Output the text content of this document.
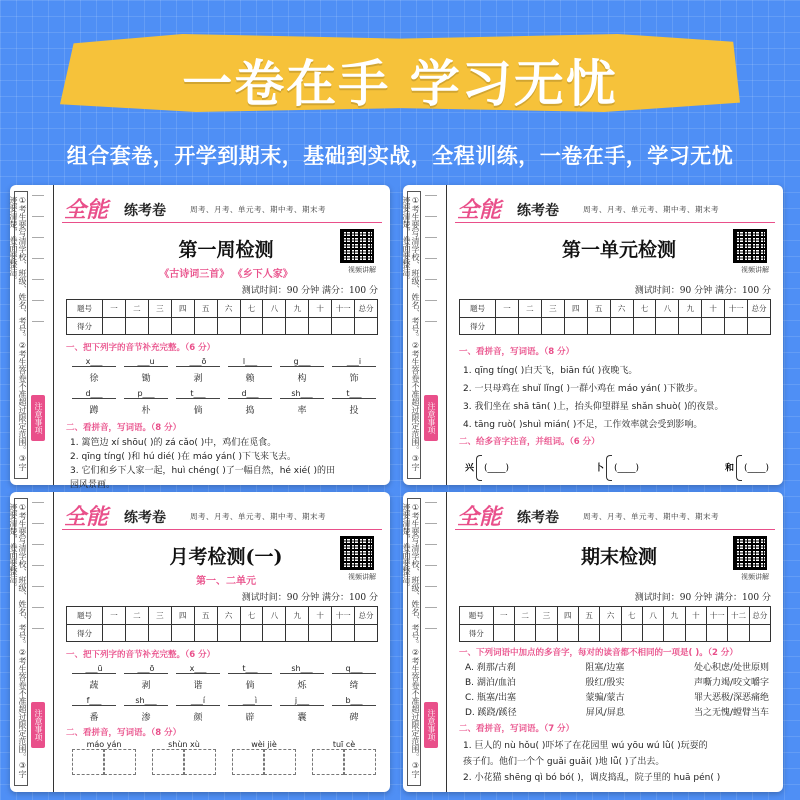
一卷在手 学习无忧
组合套卷，开学到期末，基础到实战，全程训练，一卷在手，学习无忧
①考生要写清学校、班级、姓名、考号。②考生答卷不准超过限定范围。③字迹要清楚，卷面要整洁。
注意事项
全能 练考卷	周考、月考、单元考、期中考、期末考
视频讲解
第一周检测
《古诗词三首》 《乡下人家》
测试时间：90 分钟 满分：100 分
题号	一	二	三	四	五	六	七	八	九	十	十一	总分
得分
一、把下列字的音节补充完整。（6 分）
x___	___u	___ō	l___	g___	___i
徐	锄	剥	赖	构	饰
d___	p___	t___	d___	sh___	t___
蹲	朴	倘	捣	率	投
二、看拼音，写词语。（8 分）
1. 篱笆边 xí shōu( )的 zá cǎo( )中，鸡们在觅食。
2. qīng tíng( )和 hú dié( )在 máo yán( )下飞来飞去。
3. 它们和乡下人家一起，huì chéng( )了一幅自然，hé xié( )的田
园风景画。
①考生要写清学校、班级、姓名、考号。②考生答卷不准超过限定范围。③字迹要清楚，卷面要整洁。
注意事项
全能 练考卷	周考、月考、单元考、期中考、期末考
视频讲解
第一单元检测
测试时间：90 分钟 满分：100 分
题号	一	二	三	四	五	六	七	八	九	十	十一	总分
得分
一、看拼音，写词语。（8 分）
1. qīng tíng( )白天飞，biān fú( )夜晚飞。
2. 一只母鸡在 shuǐ lǐng( )一群小鸡在 máo yán( )下散步。
3. 我们坐在 shā tān( )上，抬头仰望群星 shǎn shuò( )的夜景。
4. tāng ruò( )shuì mián( )不足，工作效率就会受到影响。
二、给多音字注音，并组词。（6 分）
兴 (____)	卜 (____)	和 (____)
①考生要写清学校、班级、姓名、考号。②考生答卷不准超过限定范围。③字迹要清楚，卷面要整洁。
注意事项
全能 练考卷	周考、月考、单元考、期中考、期末考
视频讲解
月考检测(一)
第一、二单元
测试时间：90 分钟 满分：100 分
题号	一	二	三	四	五	六	七	八	九	十	十一	总分
得分
一、把下列字的音节补充完整。（6 分）
___ū	___ō	x___	t___	sh___	q___
蔬	剥	谐	倘	烁	绮
f___	sh___	___í	___ì	j___	b___
番	渗	颜	辟	囊	碑
二、看拼音，写词语。（8 分）
máo yán	shùn xù	wèi jiè	tuī cè	①考生要写清学校、班级、姓名、考号。②考生答卷不准超过限定范围。③字迹要清楚，卷面要整洁。
注意事项
全能 练考卷	周考、月考、单元考、期中考、期末考
视频讲解
期末检测
测试时间：90 分钟 满分：100 分
题号	一	二	三	四	五	六	七	八	九	十	十一 十二 总分
得分
一、下列词语中加点的多音字，每对的读音都不相同的一项是( )。（2 分）
A. 刹那/古刹	阻塞/边塞	处心积虑/处世原则
B. 湖泊/血泊	殷红/殷实	声嘶力竭/咬文嚼字
C. 瓶塞/出塞	蒙骗/蒙古	罪大恶极/深恶痛绝
D. 蹊跷/蹊径	屏风/屏息	当之无愧/螳臂当车
二、看拼音，写词语。（7 分）
1. 巨人的 nù hǒu( )吓坏了在花园里 wú yōu wú lǜ( )玩耍的
孩子们。他们一个个 guǎi guǎi( )地 lǚ( )了出去。
2. 小花猫 shēng qì bó bó( )，调皮捣乱，院子里的 huā pén( )
